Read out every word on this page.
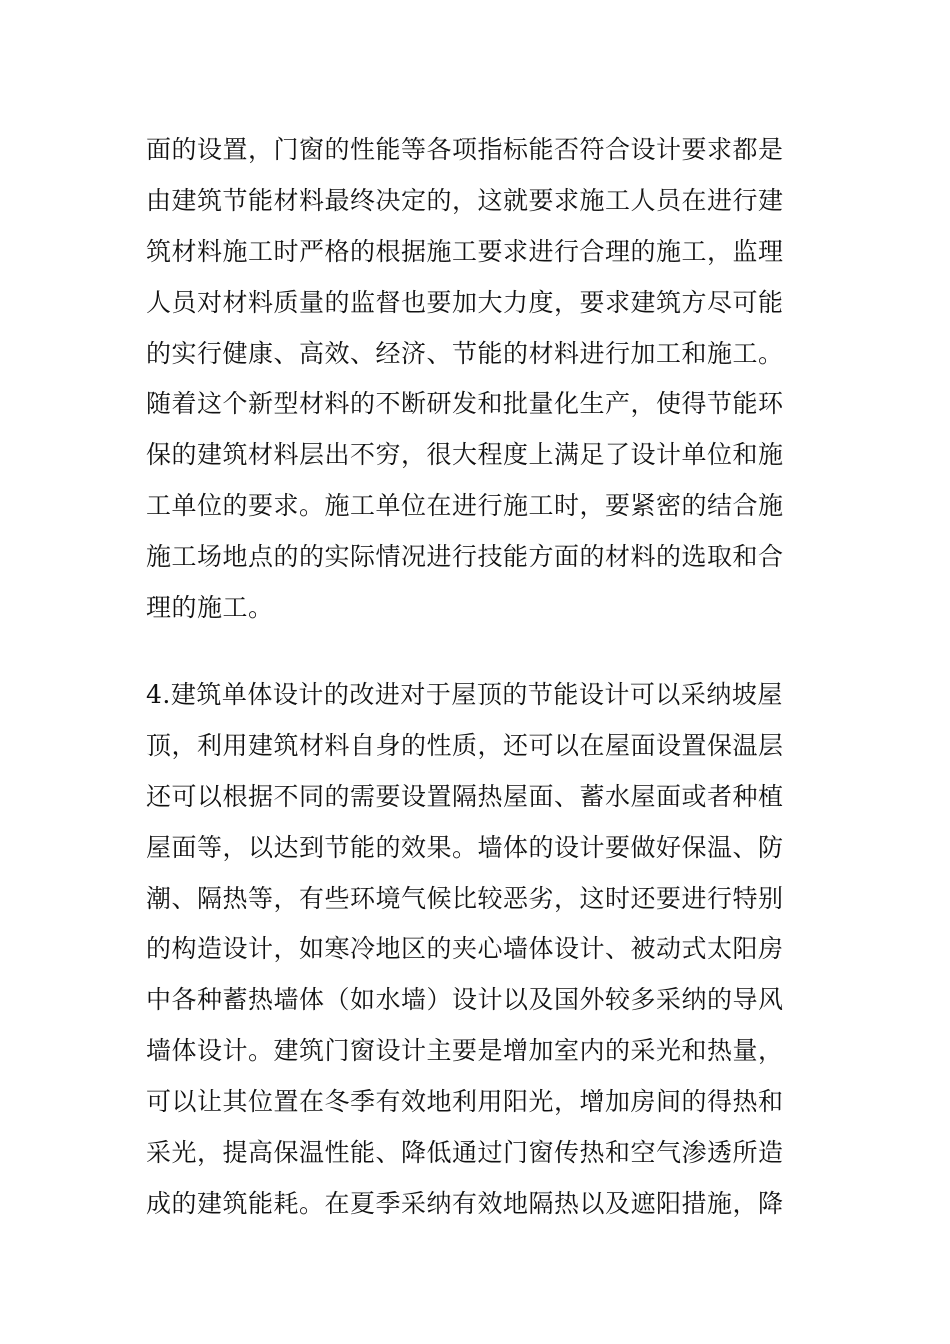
面的设置，门窗的性能等各项指标能否符合设计要求都是
由建筑节能材料最终决定的，这就要求施工人员在进行建
筑材料施工时严格的根据施工要求进行合理的施工，监理
人员对材料质量的监督也要加大力度，要求建筑方尽可能
的实行健康、高效、经济、节能的材料进行加工和施工。
随着这个新型材料的不断研发和批量化生产，使得节能环
保的建筑材料层出不穷，很大程度上满足了设计单位和施
工单位的要求。施工单位在进行施工时，要紧密的结合施
施工场地点的的实际情况进行技能方面的材料的选取和合
理的施工。
4.建筑单体设计的改进对于屋顶的节能设计可以采纳坡屋
顶，利用建筑材料自身的性质，还可以在屋面设置保温层
还可以根据不同的需要设置隔热屋面、蓄水屋面或者种植
屋面等，以达到节能的效果。墙体的设计要做好保温、防
潮、隔热等，有些环境气候比较恶劣，这时还要进行特别
的构造设计，如寒冷地区的夹心墙体设计、被动式太阳房
中各种蓄热墙体（如水墙）设计以及国外较多采纳的导风
墙体设计。建筑门窗设计主要是增加室内的采光和热量，
可以让其位置在冬季有效地利用阳光，增加房间的得热和
采光，提高保温性能、降低通过门窗传热和空气渗透所造
成的建筑能耗。在夏季采纳有效地隔热以及遮阳措施，降
